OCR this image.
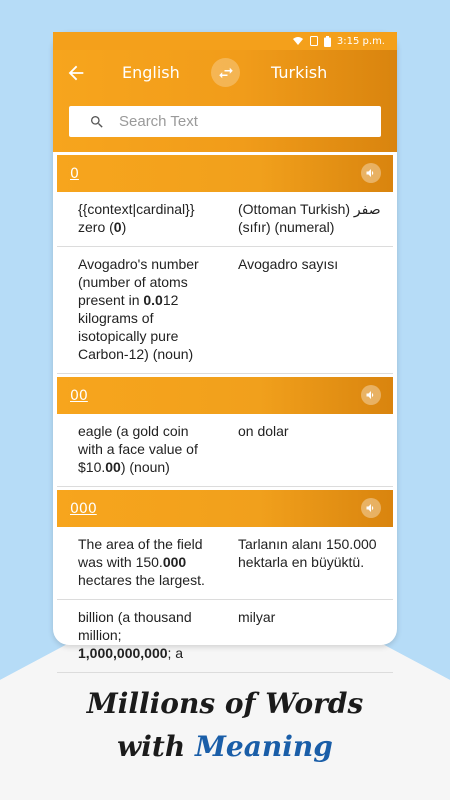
3:15 p.m.
English	Turkish
Search Text
0
{{context|cardinal}} zero (0)
(Ottoman Turkish) صفر (sıfır) (numeral)
Avogadro's number (number of atoms present in 0.012 kilograms of isotopically pure Carbon-12) (noun)
Avogadro sayısı
00
eagle (a gold coin with a face value of $10.00) (noun)
on dolar
000
The area of the field was with 150.000 hectares the largest.
Tarlanın alanı 150.000 hektarla en büyüktü.
billion (a thousand million; 1,000,000,000; a
milyar
Millions of Words
with Meaning
